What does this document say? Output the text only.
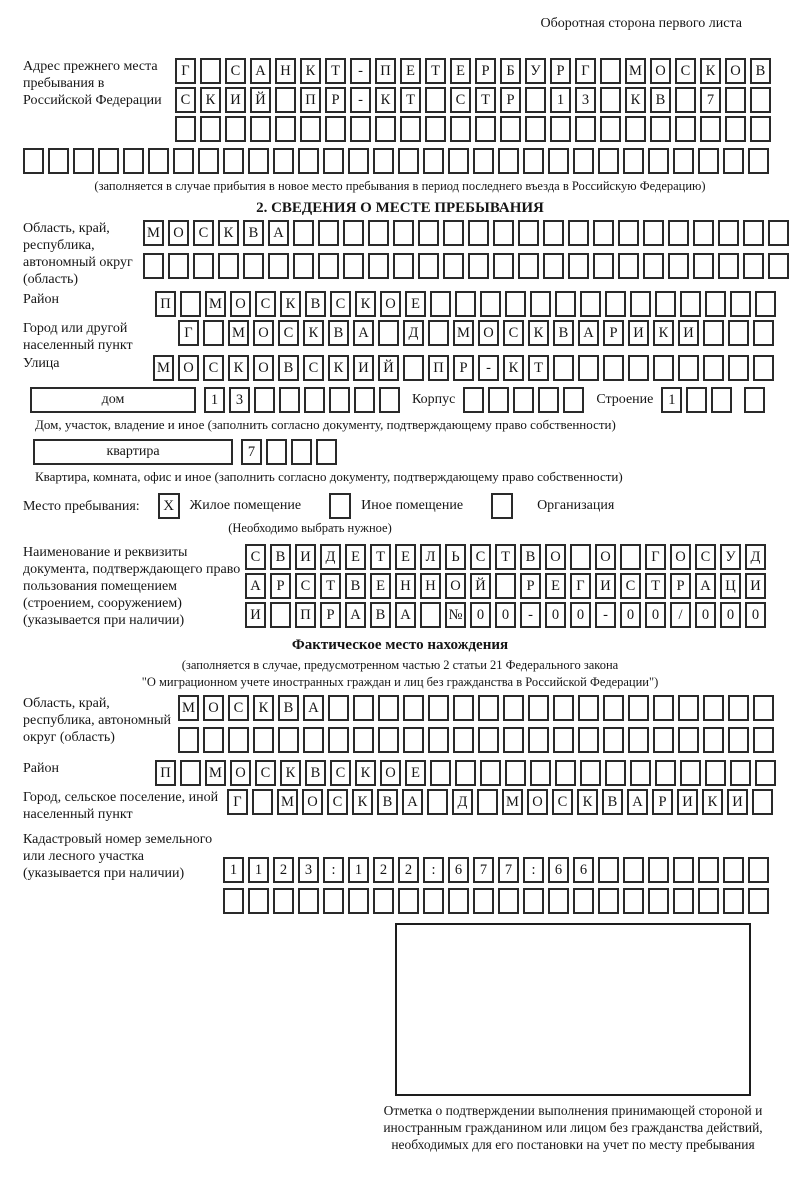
Оборотная сторона первого листа
Адрес прежнего места пребывания в Российской Федерации
Г	С	А	Н	К	Т	-	П	Е	Т	Е	Р	Б	У	Р	Г	М О	С	К	О	В
С	К	И	Й	П	Р	-	К	Т	С	Т	Р	1	3	К	В	7
(заполняется в случае прибытия в новое место пребывания в период последнего въезда в Российскую Федерацию)
2. СВЕДЕНИЯ О МЕСТЕ ПРЕБЫВАНИЯ
Область, край, республика, автономный округ (область)
М О	С	К	В	А
Район	П	М О	С	К	В	С	К	О	Е
Город или другой населенный пункт
Г	М О	С	К	В	А	Д	М О	С	К	В	А	Р	И	К	И
Улица	М О	С	К	О	В	С	К	И	Й	П	Р	-	К	Т
дом	1	3	Корпус	Строение	1
Дом, участок, владение и иное (заполнить согласно документу, подтверждающему право собственности)
квартира	7
Квартира, комната, офис и иное (заполнить согласно документу, подтверждающему право собственности)
Место пребывания:	X	Жилое помещение	Иное помещение	Организация
(Необходимо выбрать нужное)
Наименование и реквизиты документа, подтверждающего право пользования помещением (строением, сооружением) (указывается при наличии)
С	В	И	Д	Е	Т	Е	Л	Ь	С	Т	В	О	О	Г	О	С	У	Д
А	Р	С	Т	В	Е	Н	Н	О	Й	Р	Е	Г	И	С	Т	Р	А	Ц	И
И	П	Р	А	В	А	№ 0	0	-	0	0	-	0	0	/	0	0	0
Фактическое место нахождения
(заполняется в случае, предусмотренном частью 2 статьи 21 Федерального закона
"О миграционном учете иностранных граждан и лиц без гражданства в Российской Федерации")
Область, край, республика, автономный округ (область)
М О	С	К	В	А
Район	П	М О	С	К	В	С	К	О	Е
Город, сельское поселение, иной населенный пункт
Г	М О	С	К	В	А	Д	М О	С	К	В	А	Р	И	К	И
Кадастровый номер земельного или лесного участка (указывается при наличии)	1	1	2	3	:	1	2	2	:	6	7	7	:	6	6
Отметка о подтверждении выполнения принимающей стороной и иностранным гражданином или лицом без гражданства действий, необходимых для его постановки на учет по месту пребывания
